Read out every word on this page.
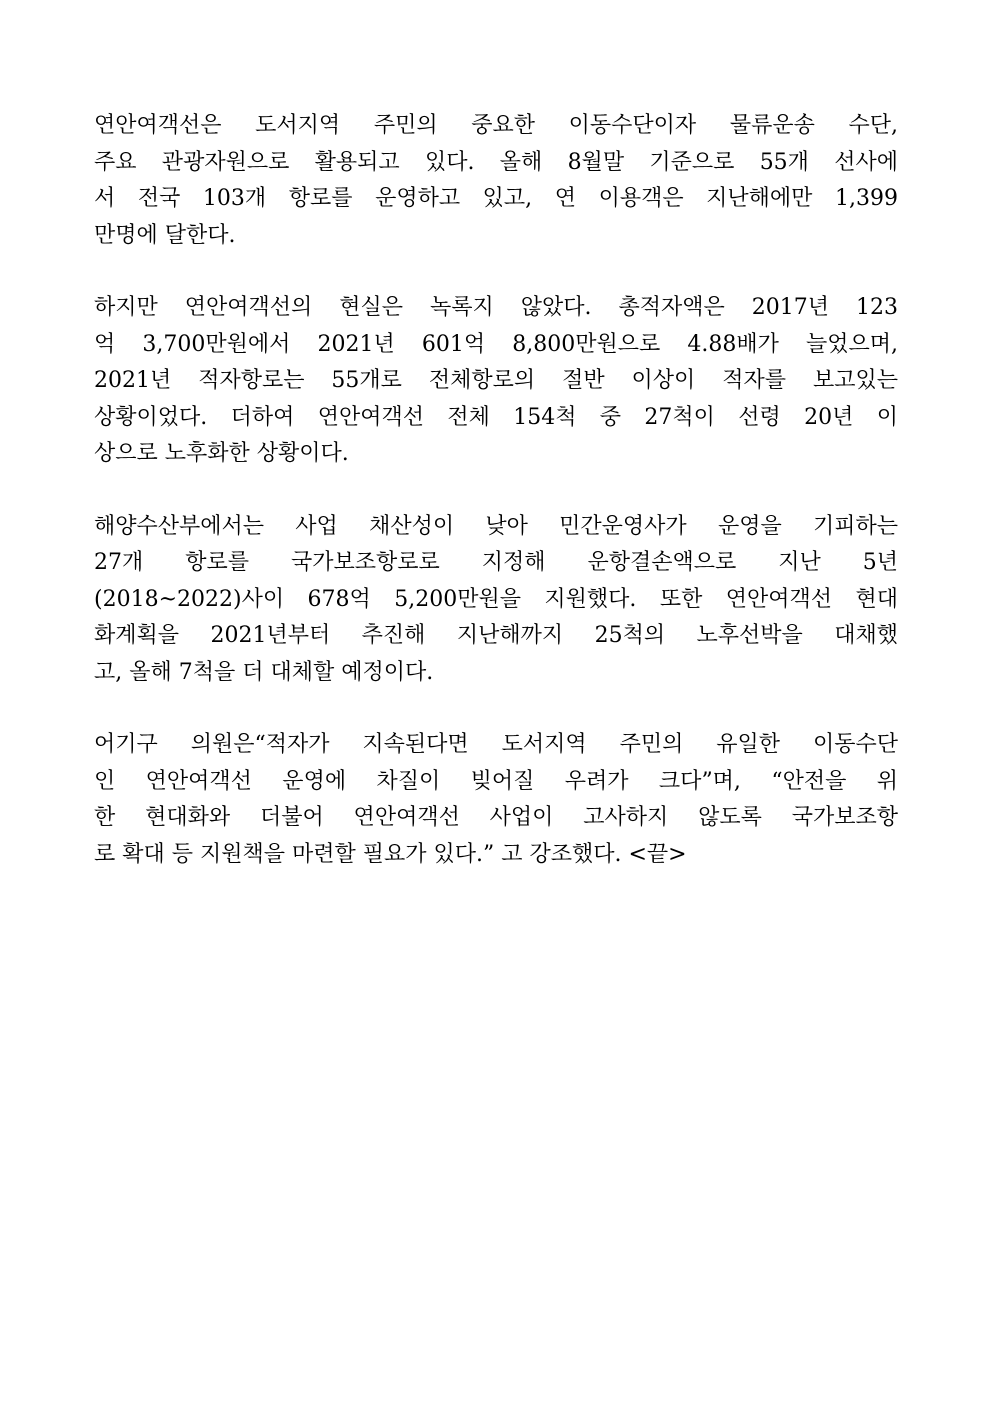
연안여객선은 도서지역 주민의 중요한 이동수단이자 물류운송 수단,
주요 관광자원으로 활용되고 있다. 올해 8월말 기준으로 55개 선사에
서 전국 103개 항로를 운영하고 있고, 연 이용객은 지난해에만 1,399
만명에 달한다.

하지만 연안여객선의 현실은 녹록지 않았다. 총적자액은 2017년 123
억 3,700만원에서 2021년 601억 8,800만원으로 4.88배가 늘었으며,
2021년 적자항로는 55개로 전체항로의 절반 이상이 적자를 보고있는
상황이었다. 더하여 연안여객선 전체 154척 중 27척이 선령 20년 이
상으로 노후화한 상황이다.

해양수산부에서는 사업 채산성이 낮아 민간운영사가 운영을 기피하는
27개 항로를 국가보조항로로 지정해 운항결손액으로 지난 5년
(2018~2022)사이 678억 5,200만원을 지원했다. 또한 연안여객선 현대
화계획을 2021년부터 추진해 지난해까지 25척의 노후선박을 대채했
고, 올해 7척을 더 대체할 예정이다.

어기구 의원은“적자가 지속된다면 도서지역 주민의 유일한 이동수단
인 연안여객선 운영에 차질이 빚어질 우려가 크다”며, “안전을 위
한 현대화와 더불어 연안여객선 사업이 고사하지 않도록 국가보조항
로 확대 등 지원책을 마련할 필요가 있다.” 고 강조했다. <끝>
